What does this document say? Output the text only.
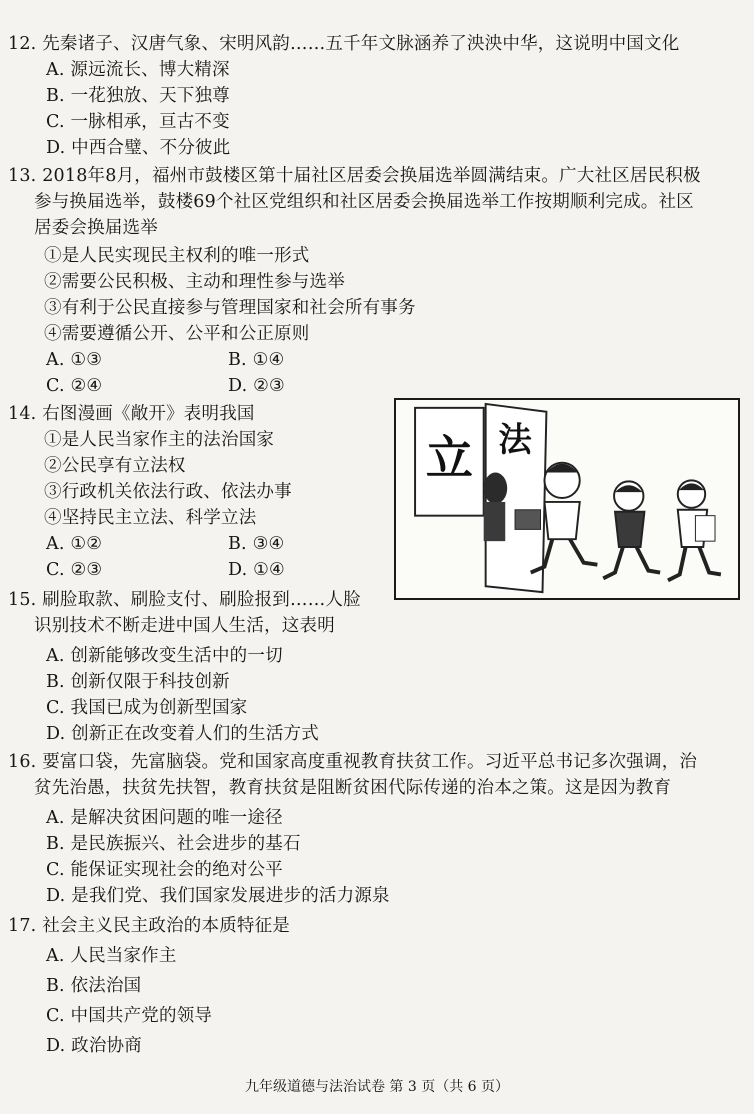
12. 先秦诸子、汉唐气象、宋明风韵……五千年文脉涵养了泱泱中华，这说明中国文化
A. 源远流长、博大精深
B. 一花独放、天下独尊
C. 一脉相承，亘古不变
D. 中西合璧、不分彼此
13. 2018年8月，福州市鼓楼区第十届社区居委会换届选举圆满结束。广大社区居民积极
参与换届选举，鼓楼69个社区党组织和社区居委会换届选举工作按期顺利完成。社区
居委会换届选举
①是人民实现民主权利的唯一形式
②需要公民积极、主动和理性参与选举
③有利于公民直接参与管理国家和社会所有事务
④需要遵循公开、公平和公正原则
A. ①③	B. ①④
C. ②④	D. ②③
14. 右图漫画《敞开》表明我国
①是人民当家作主的法治国家
②公民享有立法权
③行政机关依法行政、依法办事
④坚持民主立法、科学立法
A. ①②	B. ③④
C. ②③	D. ①④
立 法
15. 刷脸取款、刷脸支付、刷脸报到……人脸
识别技术不断走进中国人生活，这表明
A. 创新能够改变生活中的一切
B. 创新仅限于科技创新
C. 我国已成为创新型国家
D. 创新正在改变着人们的生活方式
16. 要富口袋，先富脑袋。党和国家高度重视教育扶贫工作。习近平总书记多次强调，治
贫先治愚，扶贫先扶智，教育扶贫是阻断贫困代际传递的治本之策。这是因为教育
A. 是解决贫困问题的唯一途径
B. 是民族振兴、社会进步的基石
C. 能保证实现社会的绝对公平
D. 是我们党、我们国家发展进步的活力源泉
17. 社会主义民主政治的本质特征是
A. 人民当家作主
B. 依法治国
C. 中国共产党的领导
D. 政治协商
九年级道德与法治试卷 第 3 页（共 6 页）
